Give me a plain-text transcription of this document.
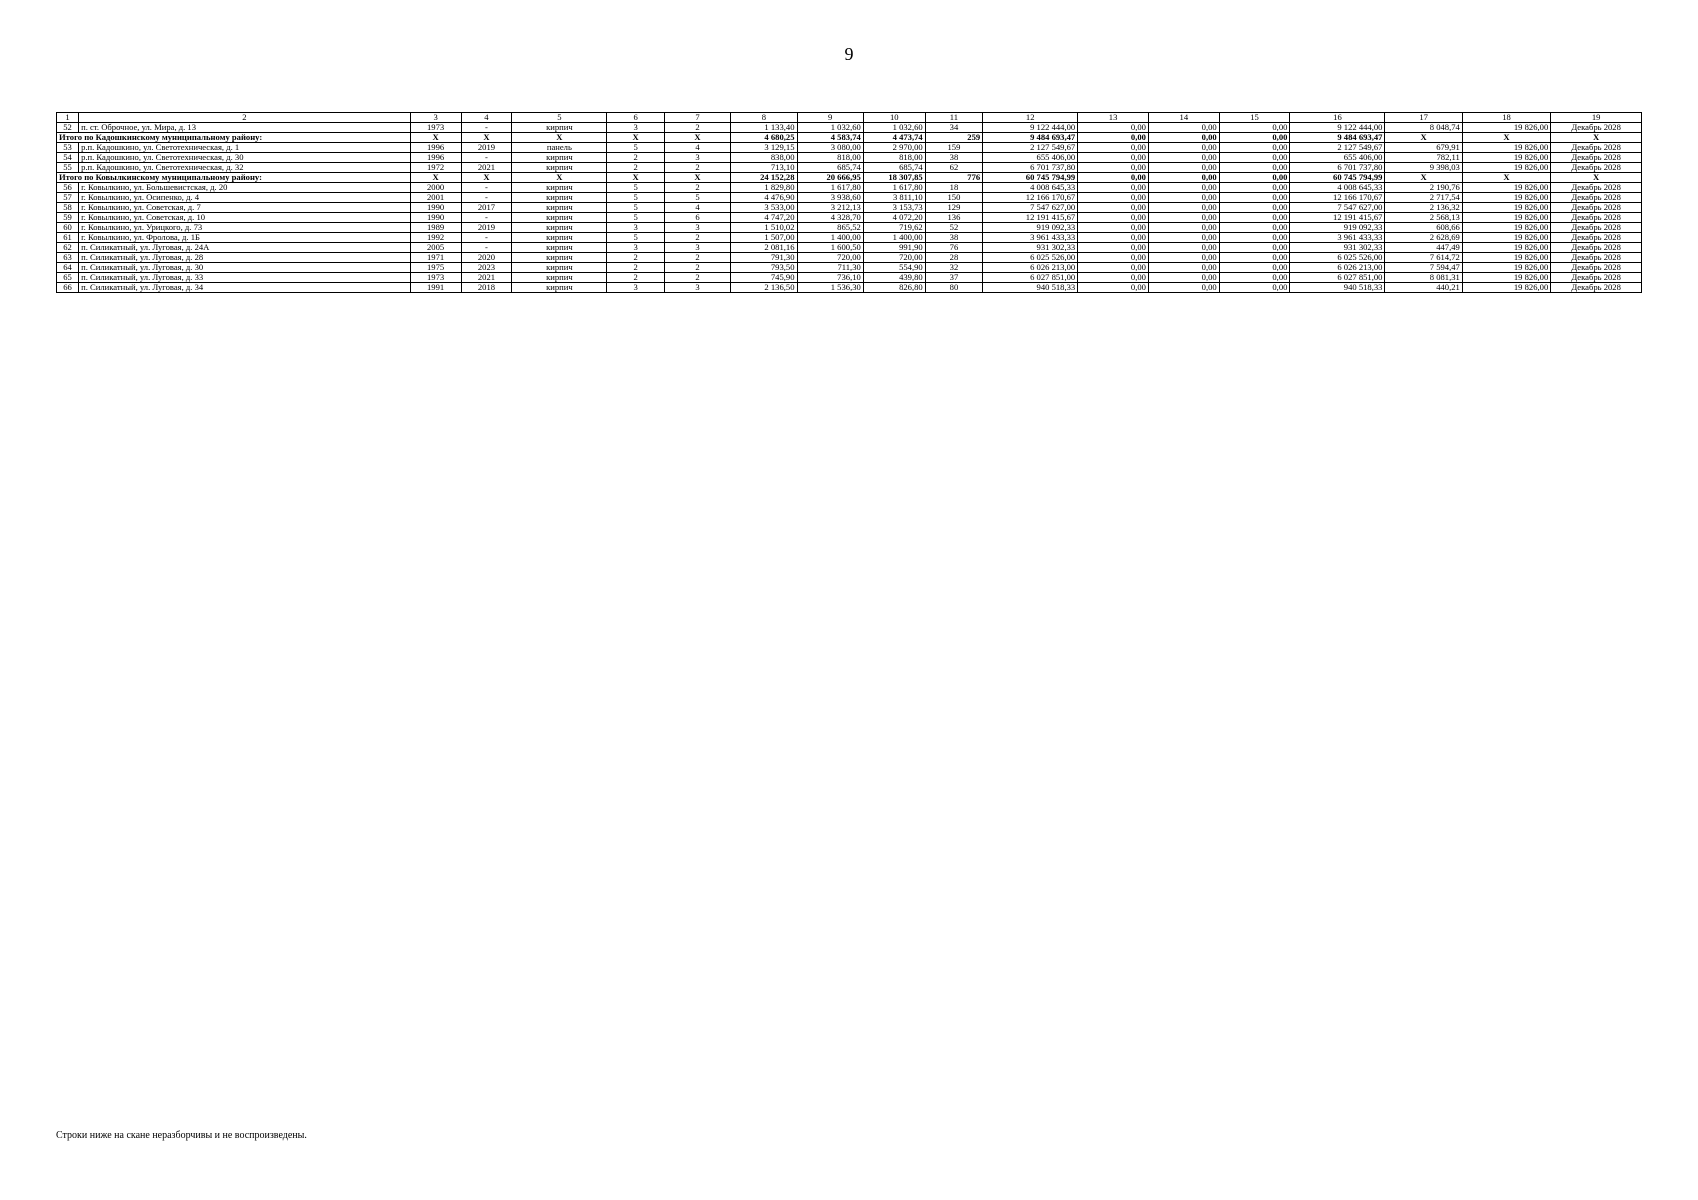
9
1	2	3	4	5	6	7	8	9	10	11	12	13	14	15	16	17	18	19
52	п. ст. Оброчное, ул. Мира, д. 13	1973	-	кирпич	3	2	1 133,40	1 032,60	1 032,60	34	9 122 444,00	0,00	0,00	0,00	9 122 444,00	8 048,74	19 826,00	Декабрь 2028
Итого по Кадошкинскому муниципальному району:		X	X	X	X	X	4 680,25	4 583,74	4 473,74	259	9 484 693,47	0,00	0,00	0,00	9 484 693,47	X	X	X
53	р.п. Кадошкино, ул. Светотехническая, д. 1	1996	2019	панель	5	4	3 129,15	3 080,00	2 970,00	159	2 127 549,67	0,00	0,00	0,00	2 127 549,67	679,91	19 826,00	Декабрь 2028
54	р.п. Кадошкино, ул. Светотехническая, д. 30	1996	-	кирпич	2	3	838,00	818,00	818,00	38	655 406,00	0,00	0,00	0,00	655 406,00	782,11	19 826,00	Декабрь 2028
55	р.п. Кадошкино, ул. Светотехническая, д. 32	1972	2021	кирпич	2	2	713,10	685,74	685,74	62	6 701 737,80	0,00	0,00	0,00	6 701 737,80	9 398,03	19 826,00	Декабрь 2028
Итого по Ковылкинскому муниципальному району:		X	X	X	X	X	24 152,28	20 666,95	18 307,85	776	60 745 794,99	0,00	0,00	0,00	60 745 794,99	X	X	X
56	г. Ковылкино, ул. Большевистская, д. 20	2000	-	кирпич	5	2	1 829,80	1 617,80	1 617,80	18	4 008 645,33	0,00	0,00	0,00	4 008 645,33	2 190,76	19 826,00	Декабрь 2028
57	г. Ковылкино, ул. Осипенко, д. 4	2001	-	кирпич	5	5	4 476,90	3 938,60	3 811,10	150	12 166 170,67	0,00	0,00	0,00	12 166 170,67	2 717,54	19 826,00	Декабрь 2028
58	г. Ковылкино, ул. Советская, д. 7	1990	2017	кирпич	5	4	3 533,00	3 212,13	3 153,73	129	7 547 627,00	0,00	0,00	0,00	7 547 627,00	2 136,32	19 826,00	Декабрь 2028
59	г. Ковылкино, ул. Советская, д. 10	1990	-	кирпич	5	6	4 747,20	4 328,70	4 072,20	136	12 191 415,67	0,00	0,00	0,00	12 191 415,67	2 568,13	19 826,00	Декабрь 2028
60	г. Ковылкино, ул. Урицкого, д. 73	1989	2019	кирпич	3	3	1 510,02	865,52	719,62	52	919 092,33	0,00	0,00	0,00	919 092,33	608,66	19 826,00	Декабрь 2028
61	г. Ковылкино, ул. Фролова, д. 1Б	1992	-	кирпич	5	2	1 507,00	1 400,00	1 400,00	38	3 961 433,33	0,00	0,00	0,00	3 961 433,33	2 628,69	19 826,00	Декабрь 2028
62	п. Силикатный, ул. Луговая, д. 24А	2005	-	кирпич	3	3	2 081,16	1 600,50	991,90	76	931 302,33	0,00	0,00	0,00	931 302,33	447,49	19 826,00	Декабрь 2028
63	п. Силикатный, ул. Луговая, д. 28	1971	2020	кирпич	2	2	791,30	720,00	720,00	28	6 025 526,00	0,00	0,00	0,00	6 025 526,00	7 614,72	19 826,00	Декабрь 2028
64	п. Силикатный, ул. Луговая, д. 30	1975	2023	кирпич	2	2	793,50	711,30	554,90	32	6 026 213,00	0,00	0,00	0,00	6 026 213,00	7 594,47	19 826,00	Декабрь 2028
65	п. Силикатный, ул. Луговая, д. 33	1973	2021	кирпич	2	2	745,90	736,10	439,80	37	6 027 851,00	0,00	0,00	0,00	6 027 851,00	8 081,31	19 826,00	Декабрь 2028
66	п. Силикатный, ул. Луговая, д. 34	1991	2018	кирпич	3	3	2 136,50	1 536,30	826,80	80	940 518,33	0,00	0,00	0,00	940 518,33	440,21	19 826,00	Декабрь 2028
Строки ниже на скане неразборчивы и не воспроизведены.
